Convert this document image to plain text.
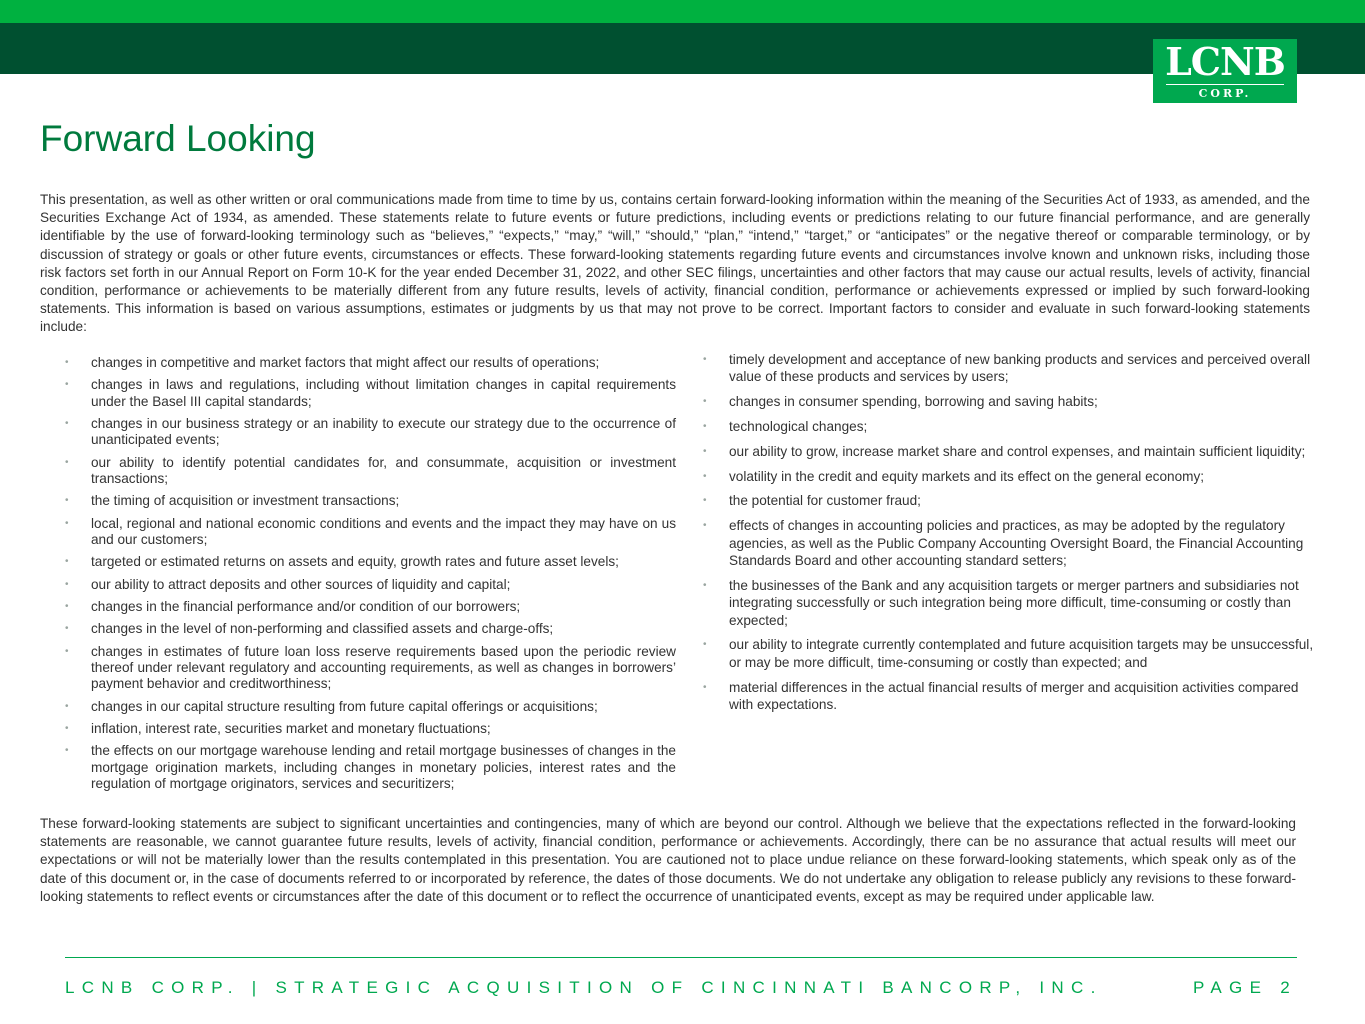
LCNB
CORP.
Forward Looking

This presentation, as well as other written or oral communications made from time to time by us, contains certain forward-looking information within the meaning of the Securities Act of 1933, as amended, and the Securities Exchange Act of 1934, as amended. These statements relate to future events or future predictions, including events or predictions relating to our future financial performance, and are generally identifiable by the use of forward-looking terminology such as “believes,” “expects,” “may,” “will,” “should,” “plan,” “intend,” “target,” or “anticipates” or the negative thereof or comparable terminology, or by discussion of strategy or goals or other future events, circumstances or effects. These forward-looking statements regarding future events and circumstances involve known and unknown risks, including those risk factors set forth in our Annual Report on Form 10-K for the year ended December 31, 2022, and other SEC filings, uncertainties and other factors that may cause our actual results, levels of activity, financial condition, performance or achievements to be materially different from any future results, levels of activity, financial condition, performance or achievements expressed or implied by such forward-looking statements. This information is based on various assumptions, estimates or judgments by us that may not prove to be correct. Important factors to consider and evaluate in such forward-looking statements include:

• changes in competitive and market factors that might affect our results of operations;
• changes in laws and regulations, including without limitation changes in capital requirements under the Basel III capital standards;
• changes in our business strategy or an inability to execute our strategy due to the occurrence of unanticipated events;
• our ability to identify potential candidates for, and consummate, acquisition or investment transactions;
• the timing of acquisition or investment transactions;
• local, regional and national economic conditions and events and the impact they may have on us and our customers;
• targeted or estimated returns on assets and equity, growth rates and future asset levels;
• our ability to attract deposits and other sources of liquidity and capital;
• changes in the financial performance and/or condition of our borrowers;
• changes in the level of non-performing and classified assets and charge-offs;
• changes in estimates of future loan loss reserve requirements based upon the periodic review thereof under relevant regulatory and accounting requirements, as well as changes in borrowers’ payment behavior and creditworthiness;
• changes in our capital structure resulting from future capital offerings or acquisitions;
• inflation, interest rate, securities market and monetary fluctuations;
• the effects on our mortgage warehouse lending and retail mortgage businesses of changes in the mortgage origination markets, including changes in monetary policies, interest rates and the regulation of mortgage originators, services and securitizers;
• timely development and acceptance of new banking products and services and perceived overall value of these products and services by users;
• changes in consumer spending, borrowing and saving habits;
• technological changes;
• our ability to grow, increase market share and control expenses, and maintain sufficient liquidity;
• volatility in the credit and equity markets and its effect on the general economy;
• the potential for customer fraud;
• effects of changes in accounting policies and practices, as may be adopted by the regulatory agencies, as well as the Public Company Accounting Oversight Board, the Financial Accounting Standards Board and other accounting standard setters;
• the businesses of the Bank and any acquisition targets or merger partners and subsidiaries not integrating successfully or such integration being more difficult, time-consuming or costly than expected;
• our ability to integrate currently contemplated and future acquisition targets may be unsuccessful, or may be more difficult, time-consuming or costly than expected; and
• material differences in the actual financial results of merger and acquisition activities compared with expectations.

These forward-looking statements are subject to significant uncertainties and contingencies, many of which are beyond our control. Although we believe that the expectations reflected in the forward-looking statements are reasonable, we cannot guarantee future results, levels of activity, financial condition, performance or achievements. Accordingly, there can be no assurance that actual results will meet our expectations or will not be materially lower than the results contemplated in this presentation. You are cautioned not to place undue reliance on these forward-looking statements, which speak only as of the date of this document or, in the case of documents referred to or incorporated by reference, the dates of those documents. We do not undertake any obligation to release publicly any revisions to these forward-looking statements to reflect events or circumstances after the date of this document or to reflect the occurrence of unanticipated events, except as may be required under applicable law.

LCNB CORP. | STRATEGIC ACQUISITION OF CINCINNATI BANCORP, INC.	PAGE 2
